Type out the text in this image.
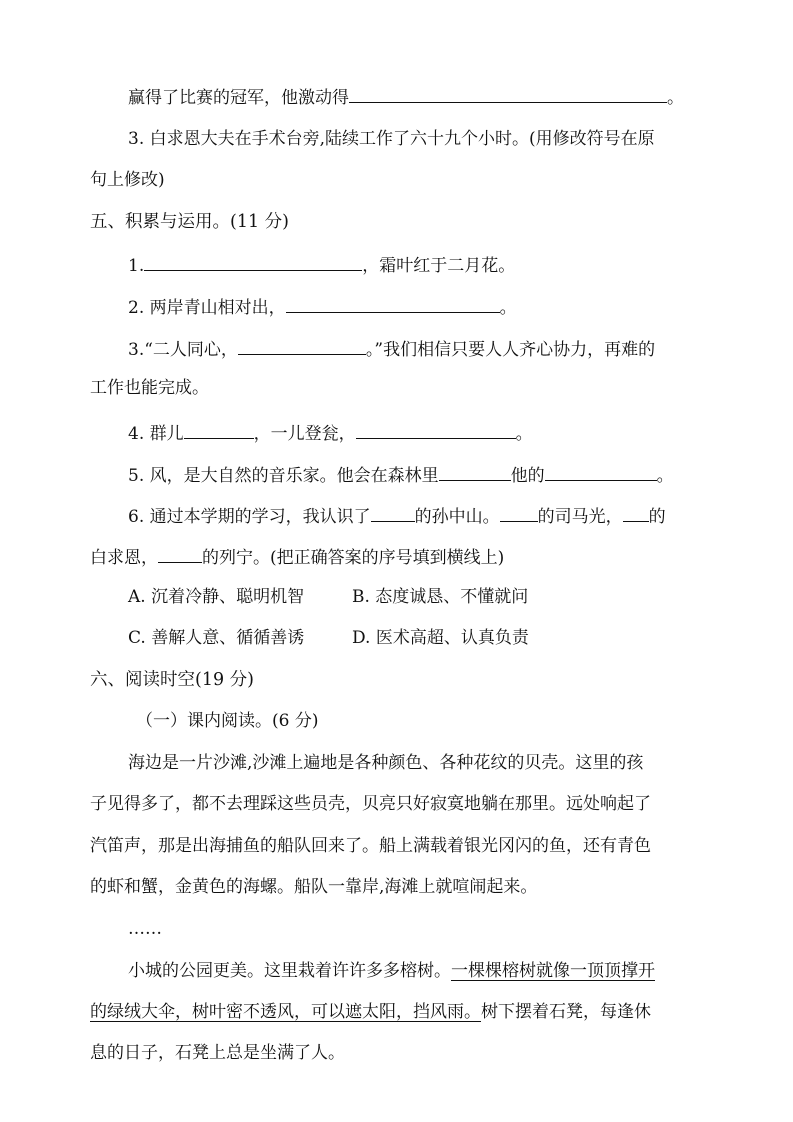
赢得了比赛的冠军，他激动得	。
3. 白求恩大夫在手术台旁,陆续工作了六十九个小时。(用修改符号在原
句上修改)
五、积累与运用。(11 分)
1.	，霜叶红于二月花。
2. 两岸青山相对出，	。
3.“二人同心，	。”我们相信只要人人齐心协力，再难的
工作也能完成。
4. 群儿	，一儿登瓮，	。
5. 风，是大自然的音乐家。他会在森林里	他的	。
6. 通过本学期的学习，我认识了	的孙中山。 的司马光， 的
白求恩，	的列宁。(把正确答案的序号填到横线上)
A. 沉着冷静、聪明机智	B. 态度诚恳、不懂就问
C. 善解人意、循循善诱	D. 医术高超、认真负责
六、阅读时空(19 分)
（一）课内阅读。(6 分)
海边是一片沙滩,沙滩上遍地是各种颜色、各种花纹的贝壳。这里的孩
子见得多了，都不去理踩这些员壳，贝亮只好寂寞地躺在那里。远处响起了
汽笛声，那是出海捕鱼的船队回来了。船上满载着银光冈闪的鱼，还有青色
的虾和蟹，金黄色的海螺。船队一靠岸,海滩上就喧闹起来。
……
小城的公园更美。这里栽着许许多多榕树。一棵棵榕树就像一顶顶撑开
的绿绒大伞，树叶密不透风，可以遮太阳，挡风雨。树下摆着石凳，每逢休
息的日子，石凳上总是坐满了人。
